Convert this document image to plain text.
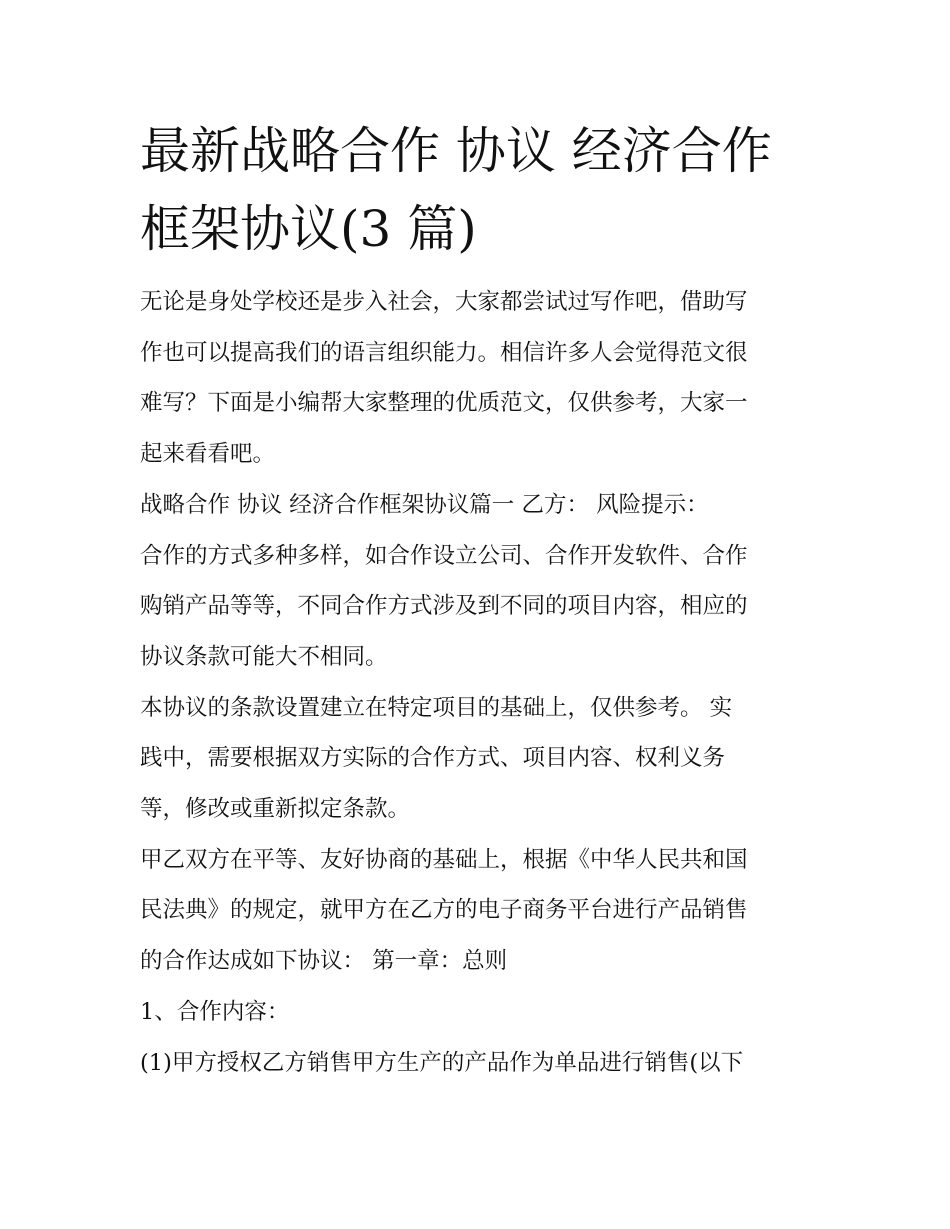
最新战略合作 协议 经济合作
框架协议(3 篇)

无论是身处学校还是步入社会，大家都尝试过写作吧，借助写
作也可以提高我们的语言组织能力。相信许多人会觉得范文很
难写？下面是小编帮大家整理的优质范文，仅供参考，大家一
起来看看吧。

战略合作 协议 经济合作框架协议篇一 乙方： 风险提示：

合作的方式多种多样，如合作设立公司、合作开发软件、合作
购销产品等等，不同合作方式涉及到不同的项目内容，相应的
协议条款可能大不相同。

本协议的条款设置建立在特定项目的基础上，仅供参考。 实
践中，需要根据双方实际的合作方式、项目内容、权利义务
等，修改或重新拟定条款。

甲乙双方在平等、友好协商的基础上，根据《中华人民共和国
民法典》的规定，就甲方在乙方的电子商务平台进行产品销售
的合作达成如下协议： 第一章：总则

1、合作内容：

(1)甲方授权乙方销售甲方生产的产品作为单品进行销售(以下
